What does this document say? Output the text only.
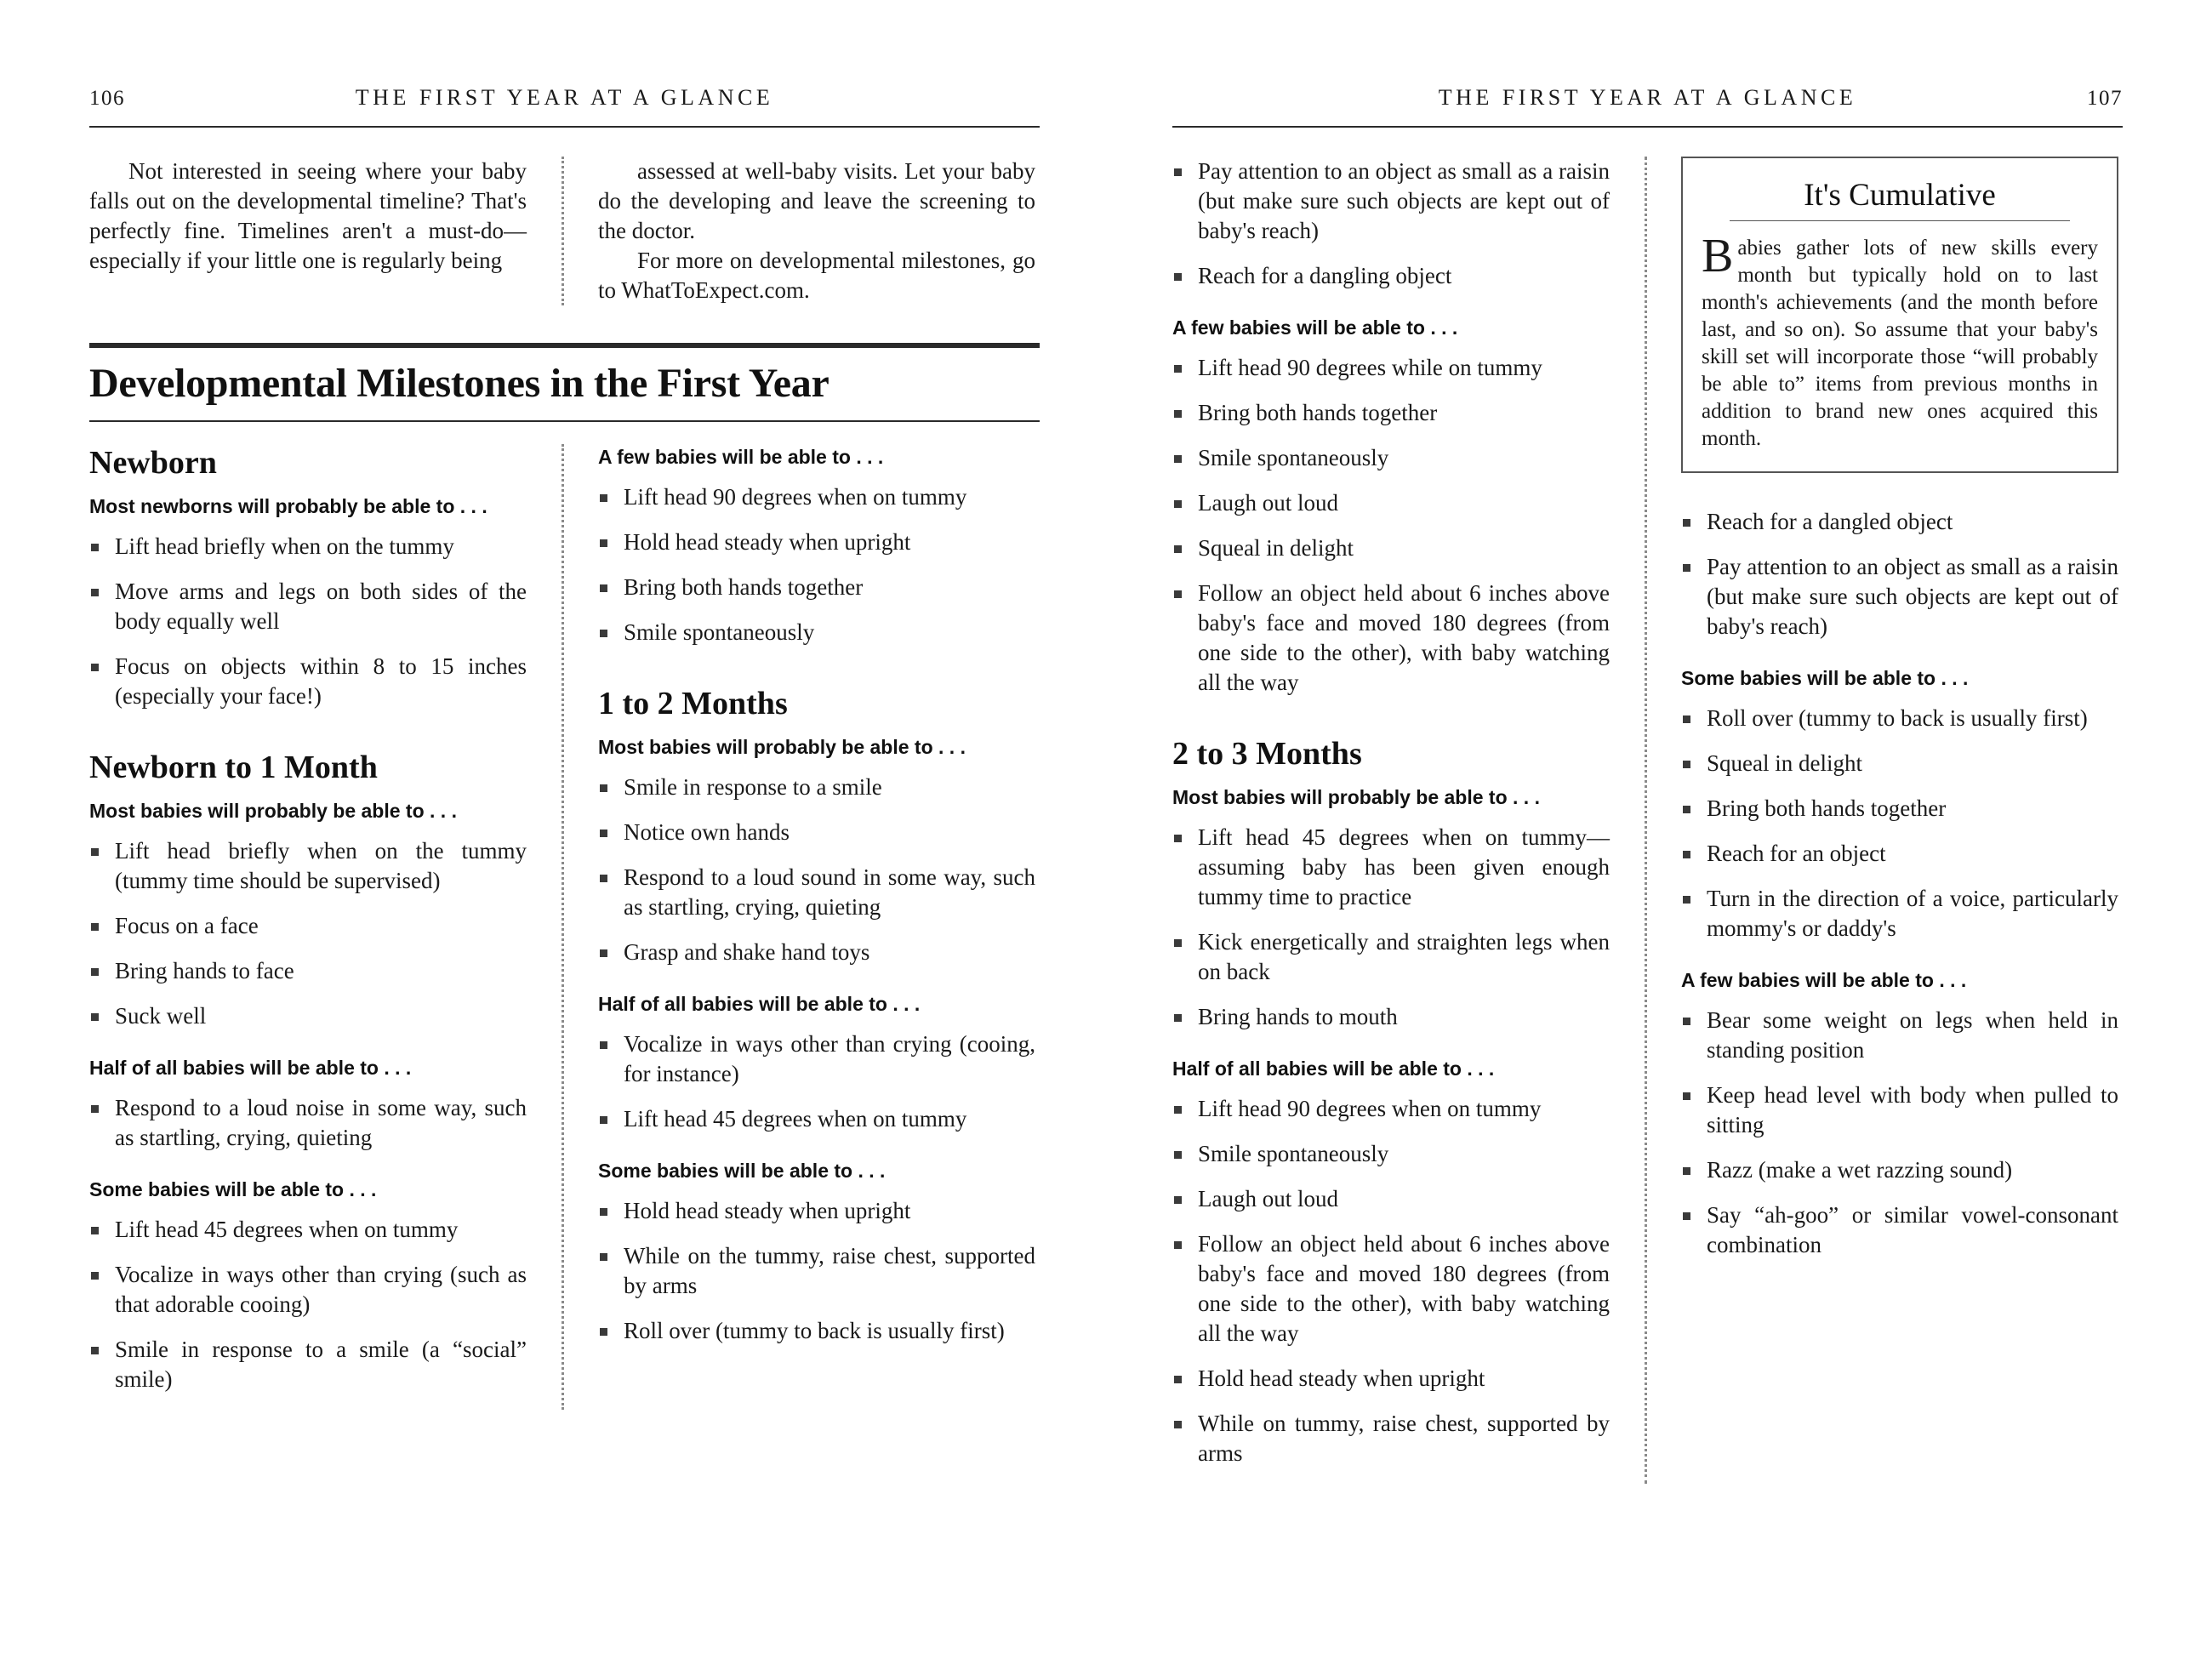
106	THE FIRST YEAR AT A GLANCE

Not interested in seeing where your baby falls out on the developmental timeline? That's perfectly fine. Timelines aren't a must-do—especially if your little one is regularly being

assessed at well-baby visits. Let your baby do the developing and leave the screening to the doctor.

For more on developmental milestones, go to WhatToExpect.com.

Developmental Milestones in the First Year
Newborn
Most newborns will probably be able to . . .
Lift head briefly when on the tummy
Move arms and legs on both sides of the body equally well
Focus on objects within 8 to 15 inches (especially your face!)
Newborn to 1 Month
Most babies will probably be able to . . .
Lift head briefly when on the tummy (tummy time should be supervised)
Focus on a face
Bring hands to face
Suck well
Half of all babies will be able to . . .
Respond to a loud noise in some way, such as startling, crying, quieting
Some babies will be able to . . .
Lift head 45 degrees when on tummy
Vocalize in ways other than crying (such as that adorable cooing)
Smile in response to a smile (a “social” smile)
A few babies will be able to . . .
Lift head 90 degrees when on tummy
Hold head steady when upright
Bring both hands together
Smile spontaneously
1 to 2 Months
Most babies will probably be able to . . .
Smile in response to a smile
Notice own hands
Respond to a loud sound in some way, such as startling, crying, quieting
Grasp and shake hand toys
Half of all babies will be able to . . .
Vocalize in ways other than crying (cooing, for instance)
Lift head 45 degrees when on tummy
Some babies will be able to . . .
Hold head steady when upright
While on the tummy, raise chest, supported by arms
Roll over (tummy to back is usually first)
THE FIRST YEAR AT A GLANCE	107
Pay attention to an object as small as a raisin (but make sure such objects are kept out of baby's reach)
Reach for a dangling object
A few babies will be able to . . .
Lift head 90 degrees while on tummy
Bring both hands together
Smile spontaneously
Laugh out loud
Squeal in delight
Follow an object held about 6 inches above baby's face and moved 180 degrees (from one side to the other), with baby watching all the way
2 to 3 Months
Most babies will probably be able to . . .
Lift head 45 degrees when on tummy—assuming baby has been given enough tummy time to practice
Kick energetically and straighten legs when on back
Bring hands to mouth
Half of all babies will be able to . . .
Lift head 90 degrees when on tummy
Smile spontaneously
Laugh out loud
Follow an object held about 6 inches above baby's face and moved 180 degrees (from one side to the other), with baby watching all the way
Hold head steady when upright
While on tummy, raise chest, supported by arms
It's Cumulative

Babies gather lots of new skills every month but typically hold on to last month's achievements (and the month before last, and so on). So assume that your baby's skill set will incorporate those “will probably be able to” items from previous months in addition to brand new ones acquired this month.

Reach for a dangled object
Pay attention to an object as small as a raisin (but make sure such objects are kept out of baby's reach)
Some babies will be able to . . .
Roll over (tummy to back is usually first)
Squeal in delight
Bring both hands together
Reach for an object
Turn in the direction of a voice, particularly mommy's or daddy's
A few babies will be able to . . .
Bear some weight on legs when held in standing position
Keep head level with body when pulled to sitting
Razz (make a wet razzing sound)
Say “ah-goo” or similar vowel-consonant combination
